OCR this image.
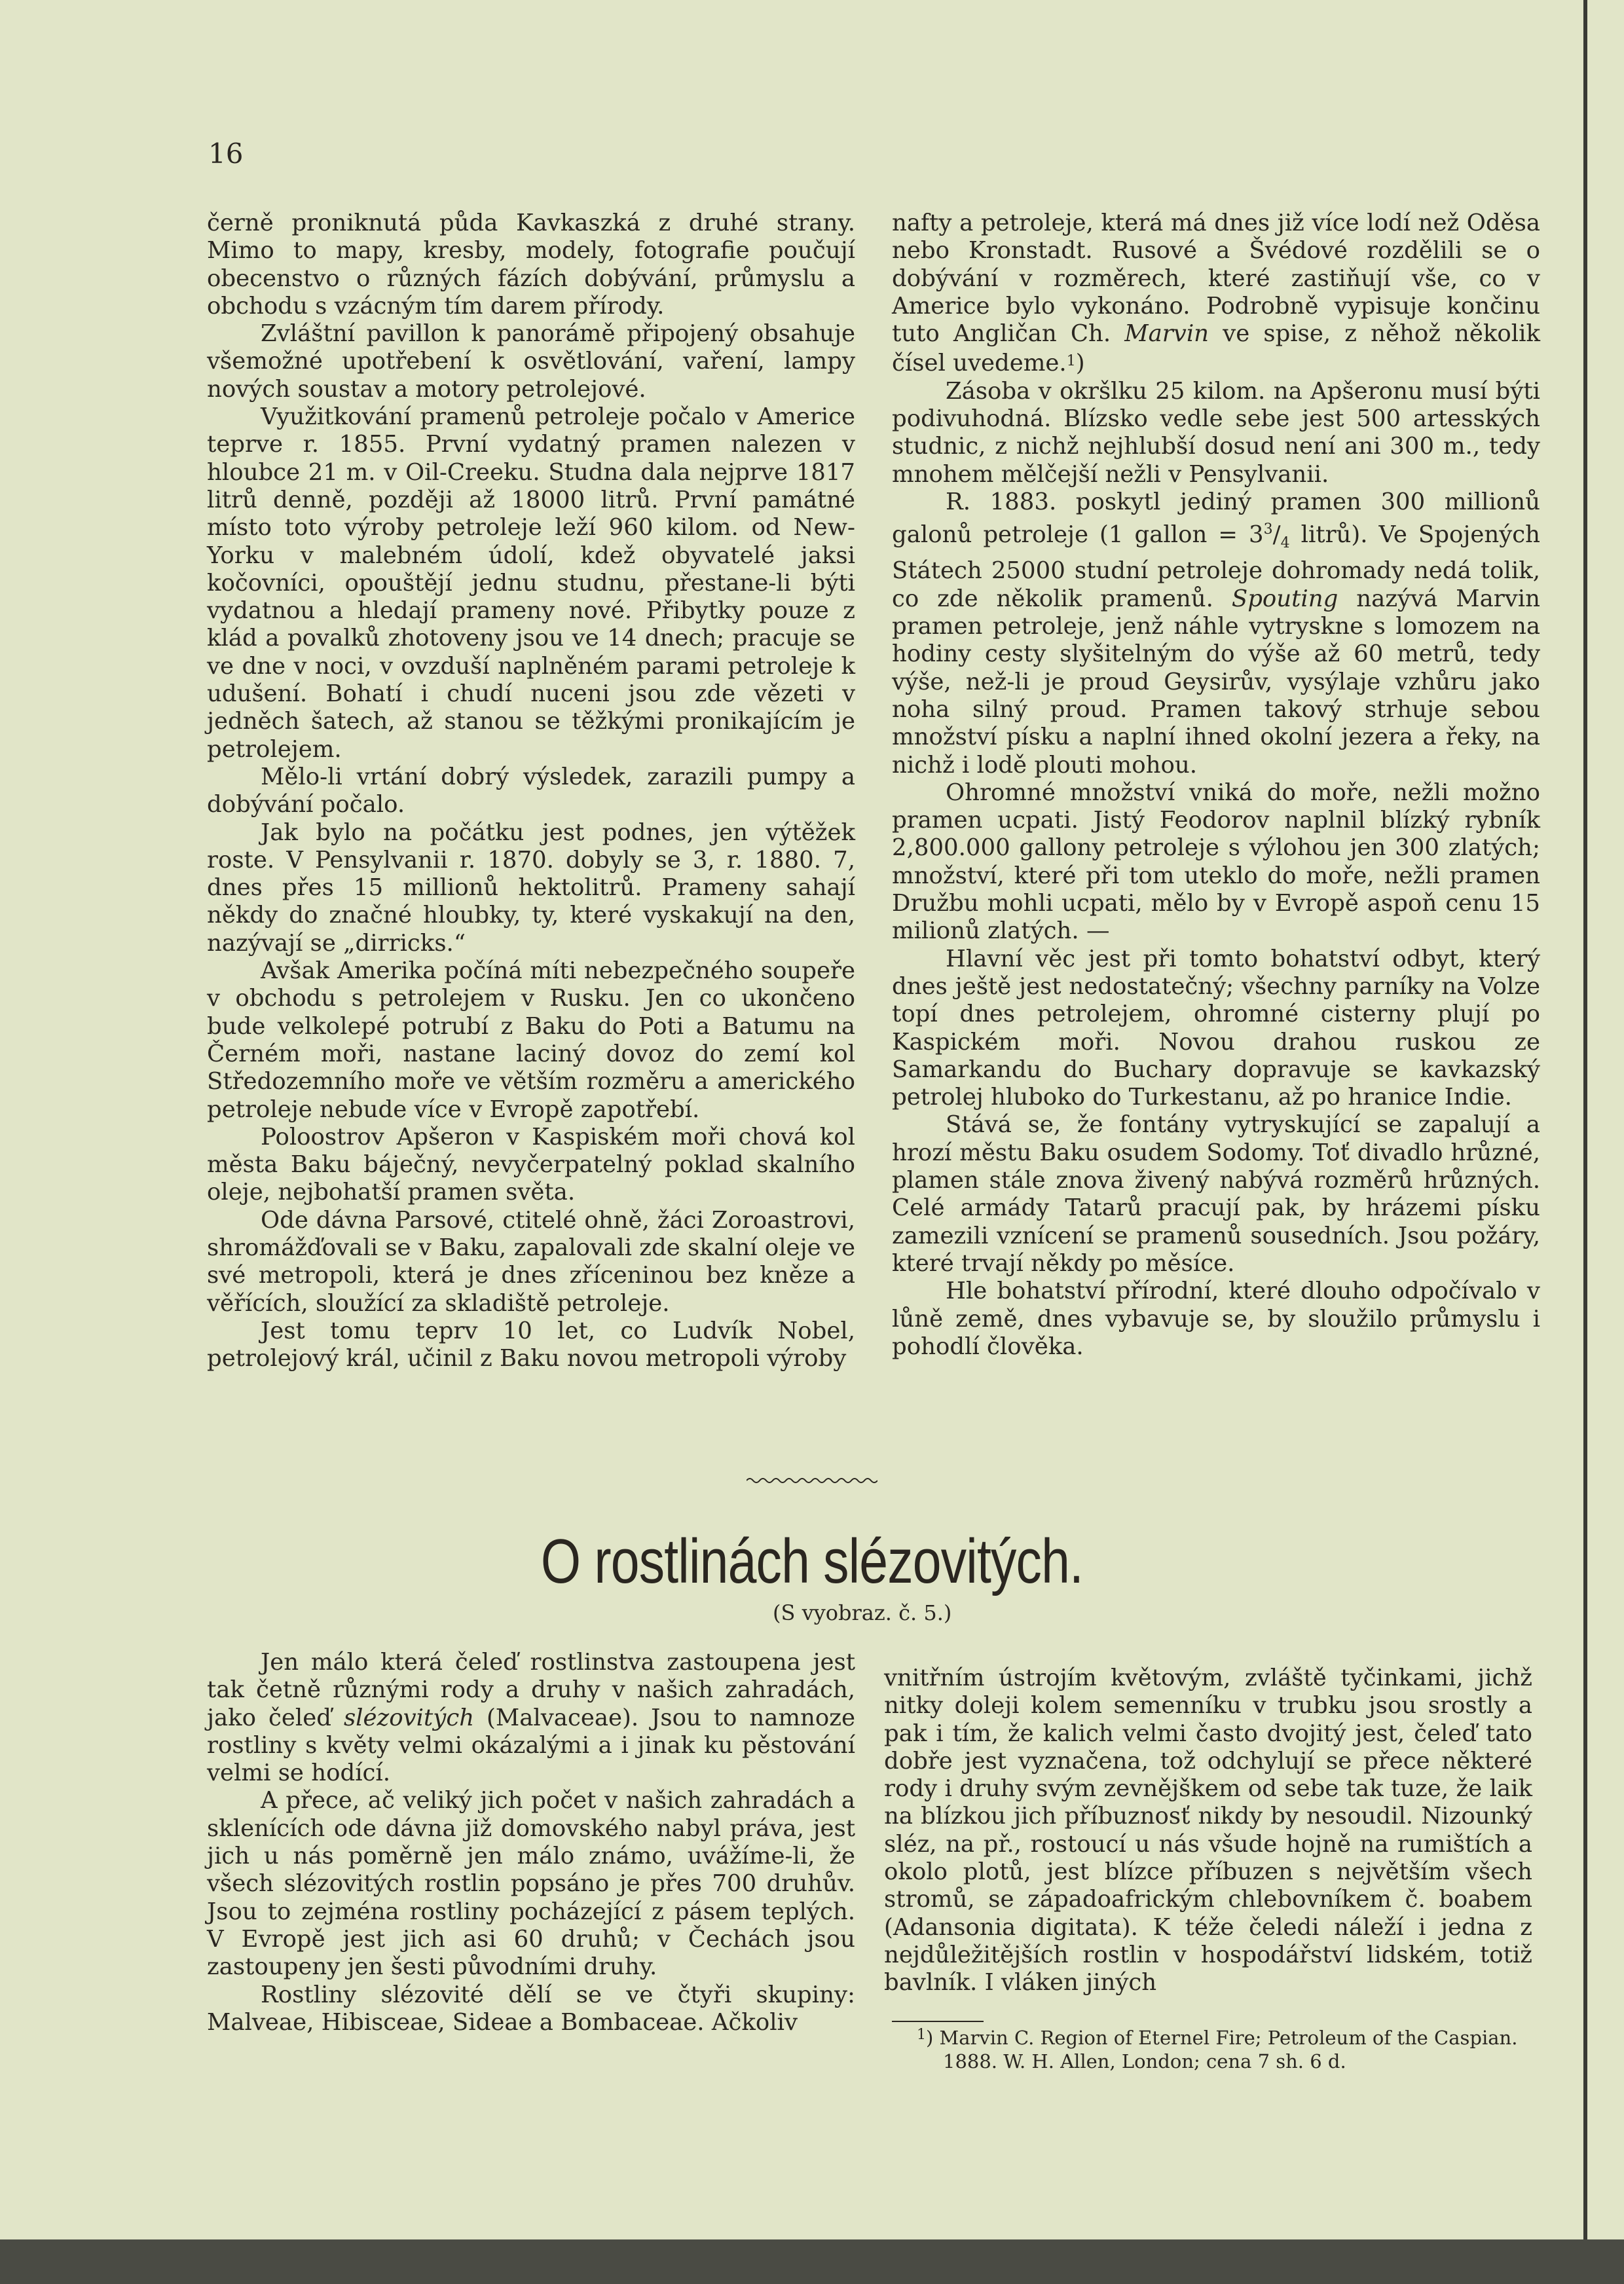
16

černě proniknutá půda Kavkaszká z druhé strany. Mimo to mapy, kresby, modely, fotografie poučují obecenstvo o různých fázích dobývání, průmyslu a obchodu s vzácným tím darem přírody.

Zvláštní pavillon k panorámě připojený obsahuje všemožné upotřebení k osvětlování, vaření, lampy nových soustav a motory petrolejové.

Využitkování pramenů petroleje počalo v Americe teprve r. 1855. První vydatný pramen nalezen v hloubce 21 m. v Oil-Creeku. Studna dala nejprve 1817 litrů denně, později až 18000 litrů. První památné místo toto výroby petroleje leží 960 kilom. od New-Yorku v malebném údolí, kdež obyvatelé jaksi kočovníci, opouštějí jednu studnu, přestane-li býti vydatnou a hledají prameny nové. Přibytky pouze z klád a povalků zhotoveny jsou ve 14 dnech; pracuje se ve dne v noci, v ovzduší naplněném parami petroleje k udušení. Bohatí i chudí nuceni jsou zde vězeti v jedněch šatech, až stanou se těžkými pronikajícím je petrolejem.

Mělo-li vrtání dobrý výsledek, zarazili pumpy a dobývání počalo.

Jak bylo na počátku jest podnes, jen výtěžek roste. V Pensylvanii r. 1870. dobyly se 3, r. 1880. 7, dnes přes 15 millionů hektolitrů. Prameny sahají někdy do značné hloubky, ty, které vyskakují na den, nazývají se „dirricks.“

Avšak Amerika počíná míti nebezpečného soupeře v obchodu s petrolejem v Rusku. Jen co ukončeno bude velkolepé potrubí z Baku do Poti a Batumu na Černém moři, nastane laciný dovoz do zemí kol Středozemního moře ve větším rozměru a amerického petroleje nebude více v Evropě zapotřebí.

Poloostrov Apšeron v Kaspiském moři chová kol města Baku báječný, nevyčerpatelný poklad skalního oleje, nejbohatší pramen světa.

Ode dávna Parsové, ctitelé ohně, žáci Zoroastrovi, shromážďovali se v Baku, zapalovali zde skalní oleje ve své metropoli, která je dnes zříceninou bez kněze a věřících, sloužící za skladiště petroleje.

Jest tomu teprv 10 let, co Ludvík Nobel, petrolejový král, učinil z Baku novou metropoli výroby

nafty a petroleje, která má dnes již více lodí než Oděsa nebo Kronstadt. Rusové a Švédové rozdělili se o dobývání v rozměrech, které zastiňují vše, co v Americe bylo vykonáno. Podrobně vypisuje končinu tuto Angličan Ch. Marvin ve spise, z něhož několik čísel uvedeme.$^1$)

Zásoba v okršlku 25 kilom. na Apšeronu musí býti podivuhodná. Blízsko vedle sebe jest 500 artesských studnic, z nichž nejhlubší dosud není ani 300 m., tedy mnohem mělčejší nežli v Pensylvanii.

R. 1883. poskytl jediný pramen 300 millionů galonů petroleje (1 gallon = $3^3/_4$ litrů). Ve Spojených Státech 25000 studní petroleje dohromady nedá tolik, co zde několik pramenů. Spouting nazývá Marvin pramen petroleje, jenž náhle vytryskne s lomozem na hodiny cesty slyšitelným do výše až 60 metrů, tedy výše, než-li je proud Geysirův, vysýlaje vzhůru jako noha silný proud. Pramen takový strhuje sebou množství písku a naplní ihned okolní jezera a řeky, na nichž i lodě plouti mohou.

Ohromné množství vniká do moře, nežli možno pramen ucpati. Jistý Feodorov naplnil blízký rybník 2,800.000 gallony petroleje s výlohou jen 300 zlatých; množství, které při tom uteklo do moře, nežli pramen Družbu mohli ucpati, mělo by v Evropě aspoň cenu 15 milionů zlatých. —

Hlavní věc jest při tomto bohatství odbyt, který dnes ještě jest nedostatečný; všechny parníky na Volze topí dnes petrolejem, ohromné cisterny plují po Kaspickém moři. Novou drahou ruskou ze Samarkandu do Buchary dopravuje se kavkazský petrolej hluboko do Turkestanu, až po hranice Indie.

Stává se, že fontány vytryskující se zapalují a hrozí městu Baku osudem Sodomy. Toť divadlo hrůzné, plamen stále znova živený nabývá rozměrů hrůzných. Celé armády Tatarů pracují pak, by hrázemi písku zamezili vznícení se pramenů sousedních. Jsou požáry, které trvají někdy po měsíce.

Hle bohatství přírodní, které dlouho odpočívalo v lůně země, dnes vybavuje se, by sloužilo průmyslu i pohodlí člověka.

O rostlinách slézovitých.

(S vyobraz. č. 5.)

Jen málo která čeleď rostlinstva zastoupena jest tak četně různými rody a druhy v našich zahradách, jako čeleď slézovitých (Malvaceae). Jsou to namnoze rostliny s květy velmi okázalými a i jinak ku pěstování velmi se hodící.

A přece, ač veliký jich počet v našich zahradách a sklenících ode dávna již domovského nabyl práva, jest jich u nás poměrně jen málo známo, uvážíme-li, že všech slézovitých rostlin popsáno je přes 700 druhův. Jsou to zejména rostliny pocházející z pásem teplých. V Evropě jest jich asi 60 druhů; v Čechách jsou zastoupeny jen šesti původními druhy.

Rostliny slézovité dělí se ve čtyři skupiny: Malveae, Hibisceae, Sideae a Bombaceae. Ačkoliv

vnitřním ústrojím květovým, zvláště tyčinkami, jichž nitky doleji kolem semenníku v trubku jsou srostly a pak i tím, že kalich velmi často dvojitý jest, čeleď tato dobře jest vyznačena, tož odchylují se přece některé rody i druhy svým zevnějškem od sebe tak tuze, že laik na blízkou jich příbuznosť nikdy by nesoudil. Nizounký sléz, na př., rostoucí u nás všude hojně na rumištích a okolo plotů, jest blízce příbuzen s největším všech stromů, se západoafrickým chlebovníkem č. boabem (Adansonia digitata). K téže čeledi náleží i jedna z nejdůležitějších rostlin v hospodářství lidském, totiž bavlník. I vláken jiných

$^1$) Marvin C. Region of Eternel Fire; Petroleum of the Caspian. 1888. W. H. Allen, London; cena 7 sh. 6 d.
